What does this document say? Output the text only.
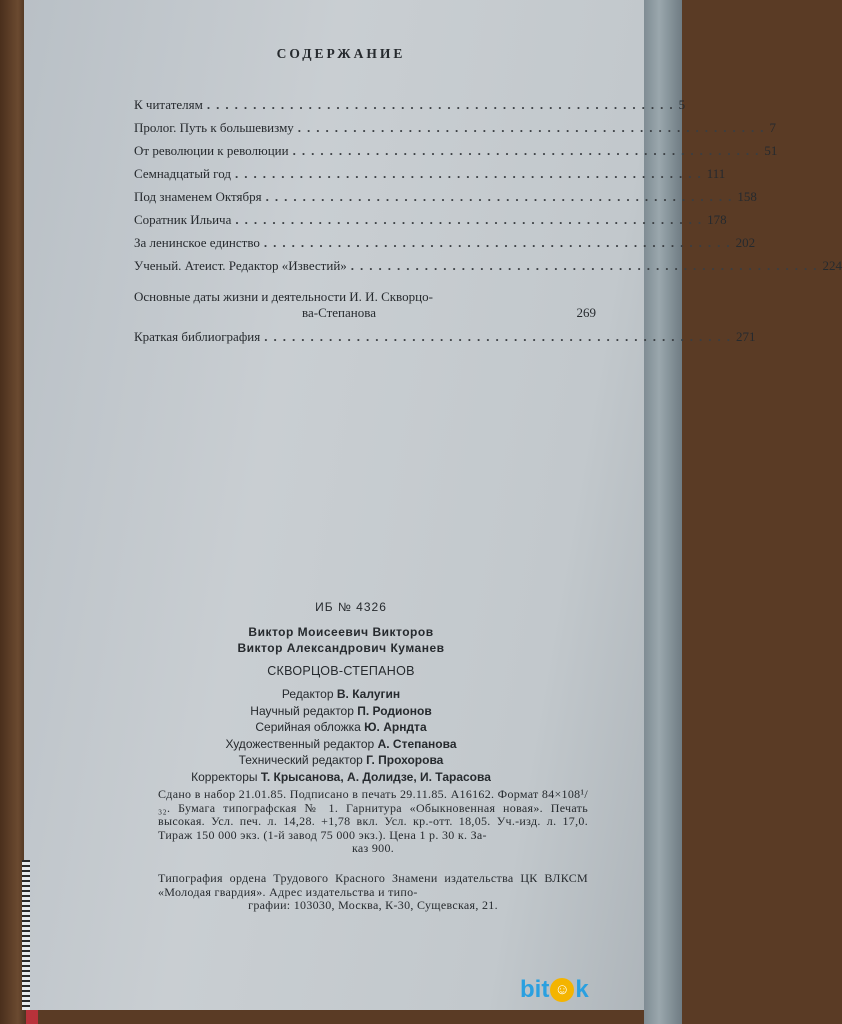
СОДЕРЖАНИЕ
К читателям ................................................... 5
Пролог. Путь к большевизму ................................................... 7
От революции к революции ................................................... 51
Семнадцатый год ................................................... 111
Под знаменем Октября ................................................... 158
Соратник Ильича ................................................... 178
За ленинское единство ................................................... 202
Ученый. Атеист. Редактор «Известий» ................................................... 224
Основные даты жизни и деятельности И. И. Скворцо-
ва-Степанова	269
Краткая библиография ................................................... 271
ИБ № 4326
Виктор Моисеевич Викторов
Виктор Александрович Куманев
СКВОРЦОВ-СТЕПАНОВ
Редактор В. Калугин
Научный редактор П. Родионов
Серийная обложка Ю. Арндта
Художественный редактор А. Степанова
Технический редактор Г. Прохорова
Корректоры Т. Крысанова, А. Долидзе, И. Тарасова
Сдано в набор 21.01.85. Подписано в печать 29.11.85. А16162. Формат 84×108¹/₃₂. Бумага типографская № 1. Гарнитура «Обыкновенная новая». Печать высокая. Усл. печ. л. 14,28. +1,78 вкл. Усл. кр.-отт. 18,05. Уч.-изд. л. 17,0. Тираж 150 000 экз. (1-й завод 75 000 экз.). Цена 1 р. 30 к. За-
каз 900.
Типография ордена Трудового Красного Знамени издательства ЦК ВЛКСМ «Молодая гвардия». Адрес издательства и типо-
графии: 103030, Москва, К-30, Сущевская, 21.
bit ☺ k
